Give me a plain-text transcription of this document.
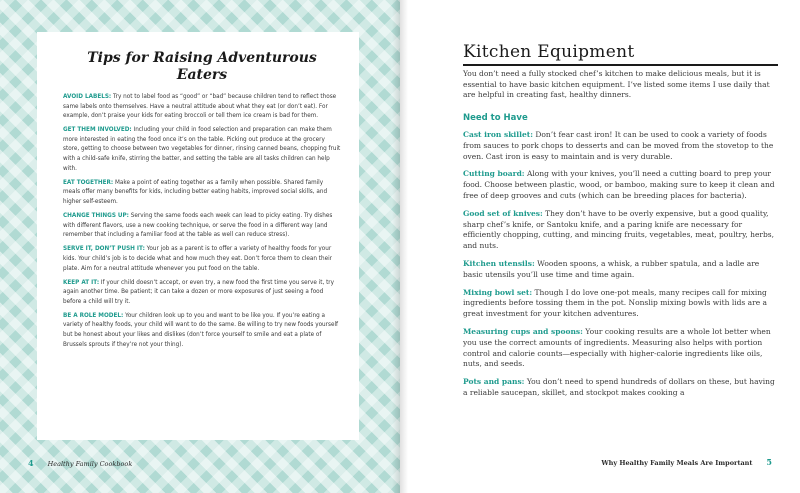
Tips for Raising Adventurous Eaters

AVOID LABELS: Try not to label food as “good” or “bad” because children tend to reflect those same labels onto themselves. Have a neutral attitude about what they eat (or don’t eat). For example, don’t praise your kids for eating broccoli or tell them ice cream is bad for them.

GET THEM INVOLVED: Including your child in food selection and preparation can make them more interested in eating the food once it’s on the table. Picking out produce at the grocery store, getting to choose between two vegetables for dinner, rinsing canned beans, chopping fruit with a child-safe knife, stirring the batter, and setting the table are all tasks children can help with.

EAT TOGETHER: Make a point of eating together as a family when possible. Shared family meals offer many benefits for kids, including better eating habits, improved social skills, and higher self-esteem.

CHANGE THINGS UP: Serving the same foods each week can lead to picky eating. Try dishes with different flavors, use a new cooking technique, or serve the food in a different way (and remember that including a familiar food at the table as well can reduce stress).

SERVE IT, DON’T PUSH IT: Your job as a parent is to offer a variety of healthy foods for your kids. Your child’s job is to decide what and how much they eat. Don’t force them to clean their plate. Aim for a neutral attitude whenever you put food on the table.

KEEP AT IT: If your child doesn’t accept, or even try, a new food the first time you serve it, try again another time. Be patient; it can take a dozen or more exposures of just seeing a food before a child will try it.

BE A ROLE MODEL: Your children look up to you and want to be like you. If you’re eating a variety of healthy foods, your child will want to do the same. Be willing to try new foods yourself but be honest about your likes and dislikes (don’t force yourself to smile and eat a plate of Brussels sprouts if they’re not your thing).

4 Healthy Family Cookbook
Kitchen Equipment
You don’t need a fully stocked chef’s kitchen to make delicious meals, but it is essential to have basic kitchen equipment. I’ve listed some items I use daily that are helpful in creating fast, healthy dinners.
Need to Have

Cast iron skillet: Don’t fear cast iron! It can be used to cook a variety of foods from sauces to pork chops to desserts and can be moved from the stovetop to the oven. Cast iron is easy to maintain and is very durable.

Cutting board: Along with your knives, you’ll need a cutting board to prep your food. Choose between plastic, wood, or bamboo, making sure to keep it clean and free of deep grooves and cuts (which can be breeding places for bacteria).

Good set of knives: They don’t have to be overly expensive, but a good quality, sharp chef’s knife, or Santoku knife, and a paring knife are necessary for efficiently chopping, cutting, and mincing fruits, vegetables, meat, poultry, herbs, and nuts.

Kitchen utensils: Wooden spoons, a whisk, a rubber spatula, and a ladle are basic utensils you’ll use time and time again.

Mixing bowl set: Though I do love one-pot meals, many recipes call for mixing ingredients before tossing them in the pot. Nonslip mixing bowls with lids are a great investment for your kitchen adventures.

Measuring cups and spoons: Your cooking results are a whole lot better when you use the correct amounts of ingredients. Measuring also helps with portion control and calorie counts—especially with higher-calorie ingredients like oils, nuts, and seeds.

Pots and pans: You don’t need to spend hundreds of dollars on these, but having a reliable saucepan, skillet, and stockpot makes cooking a

Why Healthy Family Meals Are Important 5
